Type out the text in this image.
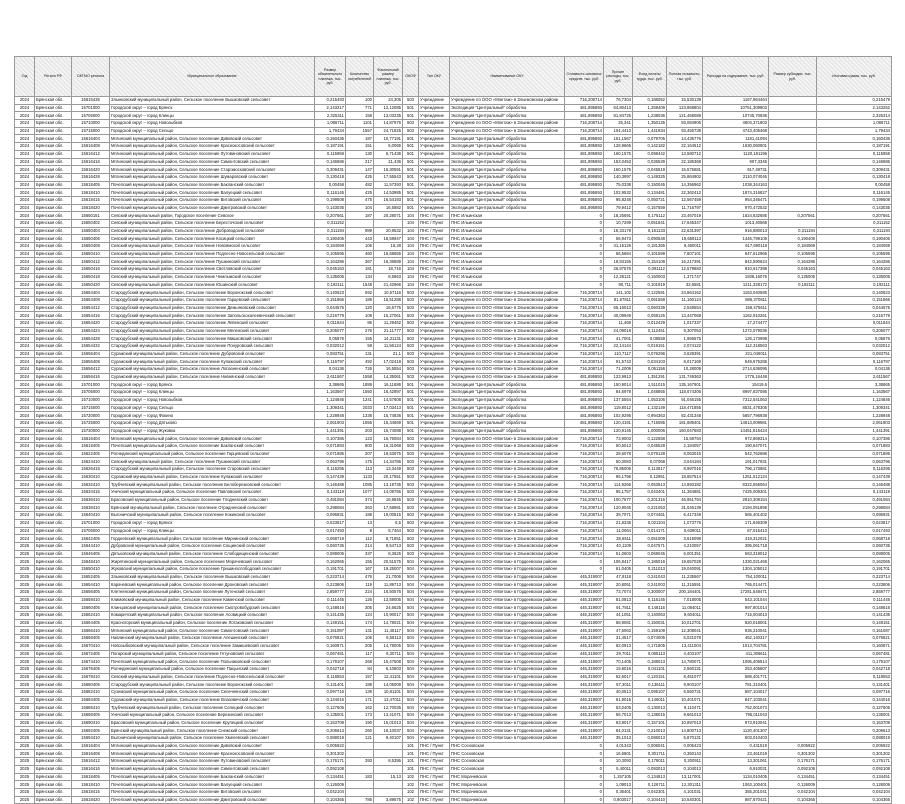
Год	Регион РФ	ОКТМО региона	Муниципальное образование	Размер обязательного платежа, тыс. руб.	Количество потребителей	Фактический размер платежа, тыс. руб.	ОКОФ	Тип ОКУ	Наименование ОКУ	Стоимость основных средств, тыс. руб.	Прочие расходы, тыс. руб.	Фонд оплаты труда, тыс. руб.	Полная стоимость, тыс. руб.	Расходы на содержание, тыс. руб.	Размер субсидии, тыс. руб.	Итоговая сумма, тыс. руб.
2024	Брянская обл.	15615435	Злынковский муниципальный район, Сельское поселение Вышковский сельсовет	0,215493	100	24,305	503	Учреждение	Учреждение по ООО «Монтаж» в Злынковском районе	716,208714	76,7304	0,186052	15,530139	1167,964464		0,215479
2024	Брянская обл.	15701000	Городской округ – город Брянск	2,143217	771	12,12085	501	Учреждение	Экспедиция "Центральный" обработка	481,895893	64,80413	1,259409	123,868804	10751,309803		2,143252
2024	Брянская обл.	15705000	Городской округ – город Клинцы	2,325311	158	13,03235	501	Учреждение	Экспедиция "Центральный" обработка	481,895893	81,84725	1,238036	121,468089	10745,70936		2,325314
2024	Брянская обл.	15710000	Городской округ – город Новозыбков	1,086711	1101	14,87976	503	Учреждение	Учреждение по ООО «Монтаж» в Злынковском районе	716,208714	25,341	1,350135	93,084905	4804,371803		1,086711
2024	Брянская обл.	15715000	Городской округ – город Сельцо	1,79434	1557	24,71825	503	Учреждение	Учреждение по ООО «Монтаж» в Злынковском районе	716,208714	104,4413	1,441934	93,455738	4743,405468		1,79434
2024	Брянская обл.	15616404	Мглинский муниципальный район, Сельское поселение Дивовский сельсовет	0,150436	187	10,77191	501	Учреждение	Экспедиция "Центральный" обработка	481,895893	161,1567	0,079705	14,435776	1181,41094		0,150436
2024	Брянская обл.	15616408	Мглинский муниципальный район, Сельское поселение Краснокосовский сельсовет	0,187191	151	5,0065	501	Учреждение	Экспедиция "Центральный" обработка	481,895893	128,9665	0,142182	22,164512	1630,060901		0,187191
2024	Брянская обл.	15616412	Мглинский муниципальный район, Сельское поселение Лутовиновский сельсовет	0,115958	130	6,71436	501	Учреждение	Экспедиция "Центральный" обработка	481,895893	160,1575	0,098442	13,580712	1120,181196		0,115958
2024	Брянская обл.	15616416	Мглинский муниципальный район, Сельское поселение Симонтовский сельсовет	0,146686	217	21,436	501	Учреждение	Экспедиция "Центральный" обработка	481,895893	153,0453	0,036539	22,185368	907,3345		0,146686
2024	Брянская обл.	15616420	Мглинский муниципальный район, Сельское поселение Старомосковский сельсовет	0,309431	147	16,30591	501	Учреждение	Экспедиция "Центральный" обработка	481,895893	160,1575	0,045519	15,575681	917,49731		0,309431
2024	Брянская обл.	15616428	Мглинский муниципальный район, Сельское поселение Шумаровский сельсовет	0,130418	425	17,55543	501	Учреждение	Экспедиция "Центральный" обработка	481,895893	140,3997	0,149325	25,864902	2110,074046		0,130418
2024	Брянская обл.	15618405	Почепский муниципальный район, Сельское поселение Бакланский сельсовет	0,00458	482	11,57393	501	Учреждение	Экспедиция "Центральный" обработка	481,895893	75,0338	0,150045	14,356962	1038,344163		0,00458
2024	Брянская обл.	15618410	Почепский муниципальный район, Сельское поселение Валуецкий сельсовет	0,116145	425	14,53985	501	Учреждение	Экспедиция "Центральный" обработка	481,895893	102,9532	0,134481	22,362412	1874,316827		0,116145
2024	Брянская обл.	15618415	Почепский муниципальный район, Сельское поселение Витовский сельсовет	0,199508	475	16,54193	501	Учреждение	Экспедиция "Центральный" обработка	481,895893	95,8248	0,050721	12,567459	954,346471		0,199508
2024	Брянская обл.	15618420	Почепский муниципальный район, Сельское поселение Дмитровский сельсовет	0,143035	104	16,5882	501	Учреждение	Экспедиция "Центральный" обработка	481,895893	79,9412	0,157559	11,716797	970,472532		0,143035
2024	Брянская обл.	15650151	Севский муниципальный район, Городское поселение Севское	0,207561	187	20,28071	104	ПНС / Пункт	ПНС Ильинская	0	18,25691	0,175112	23,467019	1624,632685	0,207561	0,207561
2024	Брянская обл.	15650402	Севский муниципальный район, Сельское поселение Бересточский сельсовет	0,311152			104	ПНС / Пункт	ПНС Ильинская	0	10,7299	0,051841	17,645347	1013,40568		0,311152
2024	Брянская обл.	15650404	Севский муниципальный район, Сельское поселение Доброводский сельсовет	0,311194	989	20,9532	104	ПНС / Пункт	ПНС Ильинская	0	18,33179	0,161133	22,631397	916,880013	0,311194	0,311194
2024	Брянская обл.	15650406	Севский муниципальный район, Сельское поселение Косицкий сельсовет	0,190406	443	18,59947	104	ПНС / Пункт	ПНС Ильинская	0	56,9473	0,090548	19,659113	1445,799108	0,190406	0,190406
2024	Брянская обл.	15650408	Севский муниципальный район, Сельское поселение Новоямской сельсовет	0,184069	106	16,28	104	ПНС / Пункт	ПНС Ильинская	0	41,16126	0,181365	9,460011	617,690118	0,184069	0,184069
2024	Брянская обл.	15650410	Севский муниципальный район, Сельское поселение Подлесно-Новосельский сельсовет	0,105595	460	16,68655	104	ПНС / Пункт	ПНС Ильинская	0	56,5684	0,101599	7,607101	647,612966	0,105595	0,105595
2024	Брянская обл.	15650412	Севский муниципальный район, Сельское поселение Пушкинский сельсовет	0,164286	367	16,36889	104	ПНС / Пункт	ПНС Ильинская	0	18,83155	0,154108	16,217391	842,590624	0,164286	0,164286
2024	Брянская обл.	15650416	Севский муниципальный район, Сельское поселение Светловский сельсовет	0,045163	181	18,716	104	ПНС / Пункт	ПНС Ильинская	0	26,87576	0,091112	12,579883	810,617398	0,045163	0,045163
2024	Брянская обл.	15650418	Севский муниципальный район, Сельское поселение Чемлыжский сельсовет	0,135005	134	8,5863	104	ПНС / Пункт	ПНС Ильинская	0	12,28121	0,150003	1,371747	1938,16076	0,135005	0,135005
2024	Брянская обл.	15650420	Севский муниципальный район, Сельское поселение Юшинский сельсовет	0,192111	1548	21,42966	104	ПНС / Пункт	ПНС Ильинская	0	90,711	0,101919	32,6581	1211,328172	0,192111	0,192111
2024	Брянская обл.	15654404	Стародубский муниципальный район, Сельское поселение Воронокский сельсовет	0,140623	592	10,57116	503	Учреждение	Учреждение по ООО «Монтаж» в Злынковском районе	716,208714	141,102	0,122591	24,664162	1163,040585		0,140623
2024	Брянская обл.	15654408	Стародубский муниципальный район, Сельское поселение Гарцевский сельсовет	0,151866	189	16,51288	503	Учреждение	Учреждение по ООО «Монтаж» в Злынковском районе	716,208714	81,67811	0,061558	11,160124	886,370811		0,151866
2024	Брянская обл.	15654412	Стародубский муниципальный район, Сельское поселение Демьяновский сельсовет	0,044575	120	16,6775	503	Учреждение	Учреждение по ООО «Монтаж» в Злынковском районе	716,208714	65,16013	0,060339	2,549554	156,475611		0,044575
2024	Брянская обл.	15654416	Стародубский муниципальный район, Сельское поселение Запольскохалеевичский сельсовет	0,216779	108	15,27061	503	Учреждение	Учреждение по ООО «Монтаж» в Злынковском районе	716,208714	40,09949	0,059125	13,447069	1162,910261		0,216779
2024	Брянская обл.	15654420	Стародубский муниципальный район, Сельское поселение Левенский сельсовет	0,011844	86	11,29462	503	Учреждение	Учреждение по ООО «Монтаж» в Злынковском районе	716,208714	11,469	0,012429	1,017337	17,274477		0,011844
2024	Брянская обл.	15654424	Стародубский муниципальный район, Сельское поселение Меленский сельсовет	0,205077	276	21,11777	503	Учреждение	Учреждение по ООО «Монтаж» в Злынковском районе	716,208714	24,09018	0,112451	9,307053	1272,079036		0,205077
2024	Брянская обл.	15654428	Стародубский муниципальный район, Сельское поселение Мишковский сельсовет	0,05876	155	14,31131	503	Учреждение	Учреждение по ООО «Монтаж» в Злынковском районе	716,208714	41,7001	0,08558	1,956575	126,173998		0,05876
2024	Брянская обл.	15654432	Стародубский муниципальный район, Сельское поселение Понуровский сельсовет	0,032012	58	11,56124	503	Учреждение	Учреждение по ООО «Монтаж» в Злынковском районе	716,208714	22,14144	0,019151	2,074122	112,318563		0,032012
2024	Брянская обл.	15656404	Суражский муниципальный район, Сельское поселение Дубровский сельсовет	0,083751	131	21,1	503	Учреждение	Учреждение по ООО «Монтаж» в Злынковском районе	716,208714	110,7117	0,076296	3,629391	221,046011		0,083751
2024	Брянская обл.	15656408	Суражский муниципальный район, Сельское поселение Кулажский сельсовет	0,116797	492	17,02418	503	Учреждение	Учреждение по ООО «Монтаж» в Злынковском районе	716,208714	91,5743	0,034103	8,017169	549,675286		0,116797
2024	Брянская обл.	15656412	Суражский муниципальный район, Сельское поселение Лопазненский сельсовет	0,04136	726	16,5554	503	Учреждение	Учреждение по ООО «Монтаж» в Злынковском районе	716,208714	71,2009	0,051156	10,28009	2714,636095		0,04136
2024	Брянская обл.	15656416	Суражский муниципальный район, Сельское поселение Нивнянский сельсовет	2,611567	1558	14,35061	503	Учреждение	Учреждение по ООО «Монтаж» в Злынковском районе	481,895893	123,9913	1,351291	131,749363	1776,16448		2,611567
2024	Брянская обл.	15701000	Городской округ – город Брянск	3,38665	1889	16,11686	501	Учреждение	Экспедиция "Центральный" обработка	481,895893	150,9014	1,511015	135,167901	15419,6		3,38665
2024	Брянская обл.	15705000	Городской округ – город Клинцы	1,163567	1550	16,42897	501	Учреждение	Экспедиция "Центральный" обработка	481,895893	84,6978	1,048855	118,674306	8997,837086		1,163567
2024	Брянская обл.	15710000	Городской округ – город Новозыбков	1,124846	1241	14,57608	501	Учреждение	Экспедиция "Центральный" обработка	481,895893	137,5554	1,053106	91,046155	7312,541063		1,124846
2024	Брянская обл.	15715000	Городской округ – город Сельцо	1,309341	2033	17,03413	501	Учреждение	Экспедиция "Центральный" обработка	481,895893	119,8012	1,132149	118,471855	8531,478305		1,309341
2024	Брянская обл.	15720000	Городской округ – город Фокино	1,228948	1338	15,74836	501	Учреждение	Экспедиция "Центральный" обработка	481,895893	102,9295	0,994363	82,431348	5657,796938		1,228948
2024	Брянская обл.	15725000	Городской округ – город Дятьково	2,061903	1656	16,34669	501	Учреждение	Экспедиция "Центральный" обработка	481,895893	120,4191	1,715085	181,689401	14613,009981		2,061903
2024	Брянская обл.	15730000	Городской округ – город Жуковка	1,441391	203	16,74088	501	Учреждение	Экспедиция "Центральный" обработка	481,895893	120,9145	1,000006	160,047683	14451,815424		1,441391
2024	Брянская обл.	15616404	Мглинский муниципальный район, Сельское поселение Дивовский сельсовет	0,107386	123	16,76084	503	Учреждение	Учреждение по ООО «Монтаж» в Злынковском районе	716,208714	73,9003	0,122558	15,59794	972,869314		0,107386
2024	Брянская обл.	15618405	Почепский муниципальный район, Сельское поселение Бакланский сельсовет	0,071883	800	16,31068	503	Учреждение	Учреждение по ООО «Монтаж» в Злынковском районе	716,208714	50,6013	0,045528	2,184057	190,647071		0,071883
2024	Брянская обл.	15622405	Рогнединский муниципальный район, Сельское поселение Гарцевский сельсовет	0,071885	207	19,53075	503	Учреждение	Учреждение по ООО «Монтаж» в Злынковском районе	716,208714	28,6078	0,079128	8,063015	542,762686		0,071885
2024	Брянская обл.	15624410	Севский муниципальный район, Сельское поселение Пушкинский сельсовет	0,063796	175	14,34786	503	Учреждение	Учреждение по ООО «Монтаж» в Злынковском районе	716,208714	50,3083	0,07068	3,044184	191,017931		0,063796
2024	Брянская обл.	15626415	Стародубский муниципальный район, Сельское поселение Сгаровский сельсовет	0,116295	113	13,3449	503	Учреждение	Учреждение по ООО «Монтаж» в Злынковском районе	716,208714	76,85006	0,113817	8,997016	796,173981		0,116295
2024	Брянская обл.	15630410	Суражский муниципальный район, Сельское поселение Кулажский сельсовет	0,147439	1133	20,17551	503	Учреждение	Учреждение по ООО «Монтаж» в Злынковском районе	716,208714	95,1796	0,12951	18,657514	1251,512124		0,147439
2024	Брянская обл.	15632410	Трубчевский муниципальный район, Сельское поселение Белоберезковский сельсовет	0,146488	1085	13,19735	503	Учреждение	Учреждение по ООО «Монтаж» в Злынковском районе	716,208714	114,9266	0,053513	14,893182	8322,556064		0,146488
2024	Брянская обл.	15634415	Унечский муниципальный район, Сельское поселение Павловский сельсовет	0,143119	1077	14,09765	503	Учреждение	Учреждение по ООО «Монтаж» в Злынковском районе	716,208714	95,1757	0,043401	11,364881	7425,009301		0,143119
2024	Брянская обл.	15636410	Брасовский муниципальный район, Сельское поселение Глодневский сельсовет	0,491084	374	16,9845	503	Учреждение	Учреждение по ООО «Монтаж» в Злынковском районе	716,208714	100,7677	0,201316	46,951794	2910,308154		0,491084
2024	Брянская обл.	15638410	Брянский муниципальный район, Сельское поселение Отрадненский сельсовет	0,298084	363	17,58981	503	Учреждение	Учреждение по ООО «Монтаж» в Злынковском районе	716,208714	120,9045	0,221053	31,046139	2194,051896		0,298084
2024	Брянская обл.	15640410	Выгоничский муниципальный район, Сельское поселение Кокинский сельсовет	0,096931	188	19,00615	503	Учреждение	Учреждение по ООО «Монтаж» в Злынковском районе	716,208714	39,7071	0,074461	6,417349	565,401402		0,096931
2024	Брянская обл.	15701000	Городской округ – город Брянск	0,023817	13	6,5	503	Учреждение	Учреждение по ООО «Монтаж» в Злынковском районе	716,208714	21,8335	0,021104	1,073775	171,646309		0,023817
2024	Брянская обл.	15705000	Городской округ – город Клинцы	0,017493	8	5,7464	503	Учреждение	Учреждение по ООО «Монтаж» в Злынковском районе	716,208714	11,0064	0,014171	0,639011	67,015413		0,017493
2024	Брянская обл.	15642405	Гордеевский муниципальный район, Сельское поселение Мирнинский сельсовет	0,068719	112	8,71851	503	Учреждение	Учреждение по ООО «Монтаж» в Злынковском районе	716,208714	38,6511	0,051009	3,615098	418,312021		0,068719
2025	Брянская обл.	15644410	Дубровский муниципальный район, Сельское поселение Сещинский сельсовет	0,060735	214	8,54713	503	Учреждение	Учреждение по ООО «Монтаж» в Злынковском районе	716,208714	40,1109	0,047571	4,210057	395,061718		0,060735
2025	Брянская обл.	15646405	Дятьковский муниципальный район, Сельское поселение Слободищенский сельсовет	0,089005	337	8,3625	503	Учреждение	Учреждение по ООО «Монтаж» в Злынковском районе	716,208714	51,0603	0,069045	6,001351	563,319012		0,089005
2025	Брянская обл.	15648410	Жирятинский муниципальный район, Сельское поселение Морачевский сельсовет	0,162065	155	20,51575	504	Учреждение	Учреждение по ООО «Монтаж» в Гордеевском районе	0	106,8417	0,186016	19,657028	1330,021468		0,162065
2025	Брянская обл.	15650410	Жуковский муниципальный район, Сельское поселение Гришинослободский сельсовет	0,191701	167	19,25007	504	Учреждение	Учреждение по ООО «Монтаж» в Гордеевском районе	0	61,0405	0,211013	19,040091	1304,105012		0,191701
2025	Брянская обл.	15652405	Злынковский муниципальный район, Сельское поселение Вышковский сельсовет	0,223714	476	21,7006	504	Учреждение	Учреждение по ООО «Монтаж» в Гордеевском районе	445,319007	47,9118	0,241043	11,235567	754,100011		0,223714
2025	Брянская обл.	15654410	Карачевский муниципальный район, Сельское поселение Дроновский сельсовет	0,223806	119	11,89713	504	Учреждение	Учреждение по ООО «Монтаж» в Гордеевском районе	445,319007	20,8051	0,241003	11,315591	765,014471		0,223806
2025	Брянская обл.	15656405	Клетнянский муниципальный район, Сельское поселение Лутенский сельсовет	2,859777	224	16,50576	504	Учреждение	Учреждение по ООО «Монтаж» в Гордеевском районе	445,319007	73,7074	0,300007	200,184401	17281,548471		2,859777
2025	Брянская обл.	15658410	Климовский муниципальный район, Сельское поселение Каменский сельсовет	0,111445	126	13,59005	504	Учреждение	Учреждение по ООО «Монтаж» в Гордеевском районе	445,319007	81,0813	0,116145	7,018005	543,101044		0,111445
2025	Брянская обл.	15660405	Клинцовский муниципальный район, Сельское поселение Смотровобудский сельсовет	0,148616	305	24,6625	504	Учреждение	Учреждение по ООО «Монтаж» в Гордеевском районе	445,319007	91,7811	0,148116	11,084011	997,801014		0,148616
2025	Брянская обл.	15662410	Комаричский муниципальный район, Сельское поселение Асовицкий сельсовет	0,141435	124	10,90017	504	Учреждение	Учреждение по ООО «Монтаж» в Гордеевском районе	445,319007	44,1051	0,140063	9,604011	715,004013		0,141435
2025	Брянская обл.	15664405	Красногорский муниципальный район, Сельское поселение Лотаковский сельсовет	0,149151	174	14,78021	504	Учреждение	Учреждение по ООО «Монтаж» в Гордеевском районе	445,319007	58,9081	0,150031	10,012701	820,018001		0,149151
2025	Брянская обл.	15666410	Мглинский муниципальный район, Сельское поселение Симонтовский сельсовет	0,151087	131	11,45117	504	Учреждение	Учреждение по ООО «Монтаж» в Гордеевском районе	445,319007	47,5063	0,159109	12,308041	935,310041		0,151087
2025	Брянская обл.	15668405	Навлинский муниципальный район, Сельское поселение Алешинский сельсовет	0,076821	106	9,56113	504	Учреждение	Учреждение по ООО «Монтаж» в Гордеевском районе	445,319007	31,4517	0,074005	5,021078	452,140317		0,076821
2025	Брянская обл.	15670410	Новозыбковский муниципальный район, Сельское поселение Замишевский сельсовет	0,160871	205	14,78005	504	Учреждение	Учреждение по ООО «Монтаж» в Гордеевском районе	445,319007	62,0913	0,171805	13,411004	1013,704781		0,160871
2025	Брянская обл.	15672405	Погарский муниципальный район, Сельское поселение Гетуновский сельсовет	0,067481	117	8,30711	504	Учреждение	Учреждение по ООО «Монтаж» в Гордеевском районе	445,319007	29,7011	0,065113	4,403107	411,306611		0,067481
2025	Брянская обл.	15674410	Почепский муниципальный район, Сельское поселение Польниковский сельсовет	0,179107	268	15,47508	504	Учреждение	Учреждение по ООО «Монтаж» в Гордеевском районе	445,319007	70,1405	0,188013	14,780071	1095,406514		0,179107
2025	Брянская обл.	15676405	Рогнединский муниципальный район, Сельское поселение Пацынский сельсовет	0,042718	84	6,10803	504	Учреждение	Учреждение по ООО «Монтаж» в Гордеевском районе	445,319007	19,8016	0,041101	2,660131	253,405807		0,042718
2025	Брянская обл.	15678410	Севский муниципальный район, Сельское поселение Подлесно-Новосельский сельсовет	0,118553	157	12,41101	504	Учреждение	Учреждение по ООО «Монтаж» в Гордеевском районе	445,319007	52,6017	0,120151	8,451077	688,401771		0,118553
2025	Брянская обл.	15680405	Стародубский муниципальный район, Сельское поселение Воронокский сельсовет	0,131401	188	14,05009	504	Учреждение	Учреждение по ООО «Монтаж» в Гордеевском районе	445,319007	57,3011	0,136111	9,903107	781,310401		0,131401
2025	Брянская обл.	15682410	Суземский муниципальный район, Сельское поселение Селечнянский сельсовет	0,097716	139	10,81101	504	Учреждение	Учреждение по ООО «Монтаж» в Гордеевском районе	445,319007	40,0513	0,095107	6,550731	587,104017		0,097716
2025	Брянская обл.	15684405	Суражский муниципальный район, Сельское поселение Влазовичский сельсовет	0,144016	171	13,47011	504	Учреждение	Учреждение по ООО «Монтаж» в Гордеевском районе	445,319007	61,9015	0,146011	10,401071	847,103041		0,144016
2025	Брянская обл.	15686410	Трубчевский муниципальный район, Сельское поселение Селецкий сельсовет	0,127605	162	12,70035	504	Учреждение	Учреждение по ООО «Монтаж» в Гордеевском районе	445,319007	53,0405	0,130013	9,110471	752,001073		0,127605
2025	Брянская обл.	15688405	Унечский муниципальный район, Сельское поселение Березинский сельсовет	0,135001	173	13,41071	504	Учреждение	Учреждение по ООО «Монтаж» в Гордеевском районе	445,319007	56,7013	0,138015	9,661013	795,011043		0,135001
2025	Брянская обл.	15690410	Брасовский муниципальный район, Сельское поселение Крупецкий сельсовет	0,153709	190	15,01013	504	Учреждение	Учреждение по ООО «Монтаж» в Гордеевском районе	445,319007	63,9017	0,157101	10,897013	873,910041		0,153709
2025	Брянская обл.	15692405	Брянский муниципальный район, Сельское поселение Снежский сельсовет	0,206613	260	18,10037	504	Учреждение	Учреждение по ООО «Монтаж» в Гордеевском районе	445,319007	84,0131	0,210013	14,800713	1120,401307		0,206613
2025	Брянская обл.	15694410	Выгоничский муниципальный район, Сельское поселение Хмелевский сельсовет	0,088019	121	9,40107	504	Учреждение	Учреждение по ООО «Монтаж» в Гордеевском районе	445,319007	35,1013	0,086013	5,870131	503,010403		0,088019
2025	Брянская обл.	15616404	Мглинский муниципальный район, Сельское поселение Дивовский сельсовет	0,005922			101	ПНС / Пункт	ПНС Сосновская	0	4,01343	0,006041	0,006423	0,431519	0,005922	0,005922
2025	Брянская обл.	15616408	Мглинский муниципальный район, Сельское поселение Краснокосовский сельсовет	0,301302			101	ПНС / Пункт	ПНС Сосновская	0	16,6801	0,301711	0,350143	23,461019	0,301302	0,301302
2025	Брянская обл.	15616412	Мглинский муниципальный район, Сельское поселение Лутовиновский сельсовет	0,176171	393	8,5395	101	ПНС / Пункт	ПНС Сосновская	0	10,3093	0,178011	0,200911	13,301061	0,176171	0,176171
2025	Брянская обл.	15616416	Мглинский муниципальный район, Сельское поселение Симонтовский сельсовет	0,092108			101	ПНС / Пункт	ПНС Сосновская	0	5,40011	0,093013	0,104013	6,910031	0,092108	0,092108
2025	Брянская обл.	15618405	Почепский муниципальный район, Сельское поселение Бакланский сельсовет	0,134451	183	15,13	102	ПНС / Пункт	ПНС Морачевская	0	1,157105	0,134813	13,117001	1134,010405	0,134451	0,134451
2025	Брянская обл.	15618410	Почепский муниципальный район, Сельское поселение Валуецкий сельсовет	0,126009			102	ПНС / Пункт	ПНС Морачевская	0	1,09013	0,126711	12,301311	1063,100401	0,126009	0,126009
2025	Брянская обл.	15618415	Почепский муниципальный район, Сельское поселение Витовский сельсовет	0,042104			102	ПНС / Пункт	ПНС Морачевская	0	0,36401	0,042301	4,101031	355,201041	0,042104	0,042104
2025	Брянская обл.	15618420	Почепский муниципальный район, Сельское поселение Дмитровский сельсовет	0,104365	786	3,89675	102	ПНС / Пункт	ПНС Морачевская	0	0,903017	0,104410	10,540301	887,870421	0,104365	0,104365
